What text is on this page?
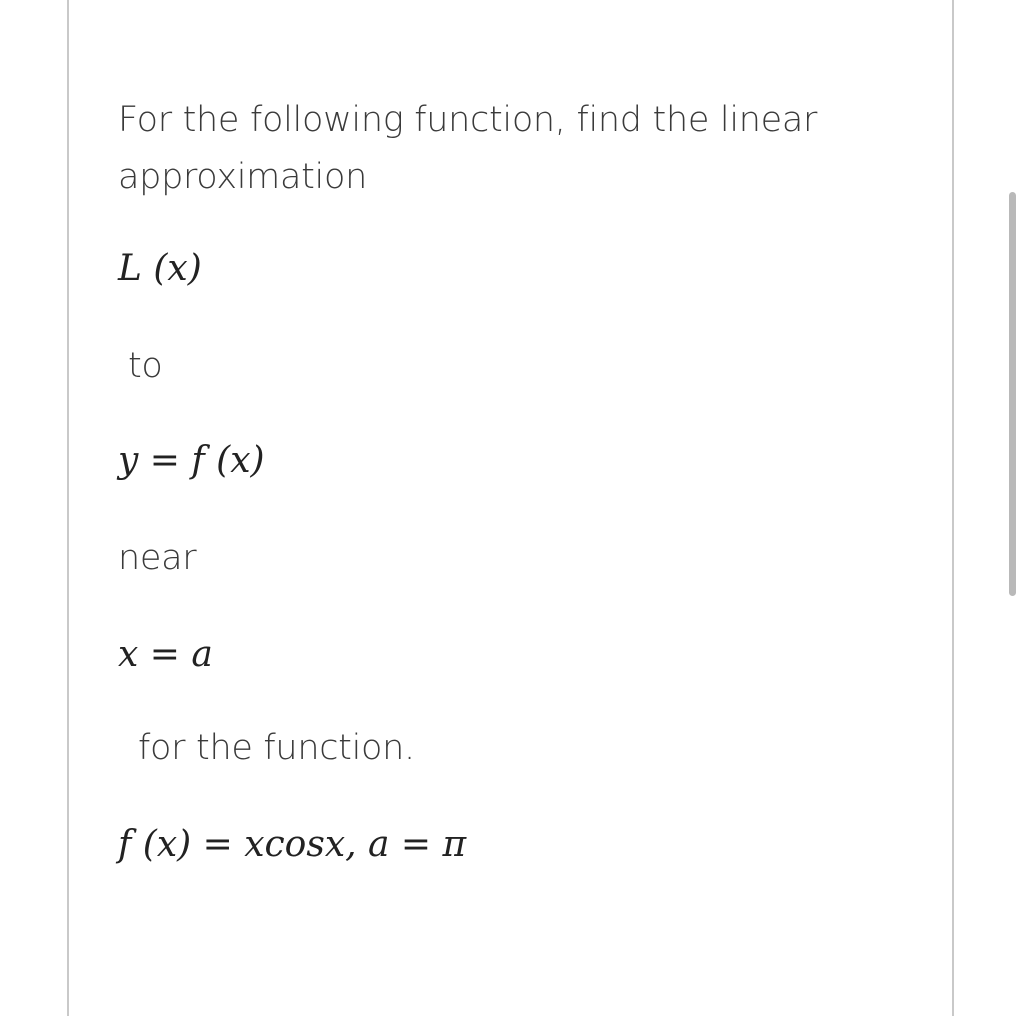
For the following function, find the linear approximation
L (x)
to
y = f (x)
near
x = a
for the function.
f (x) = xcosx, a = π
